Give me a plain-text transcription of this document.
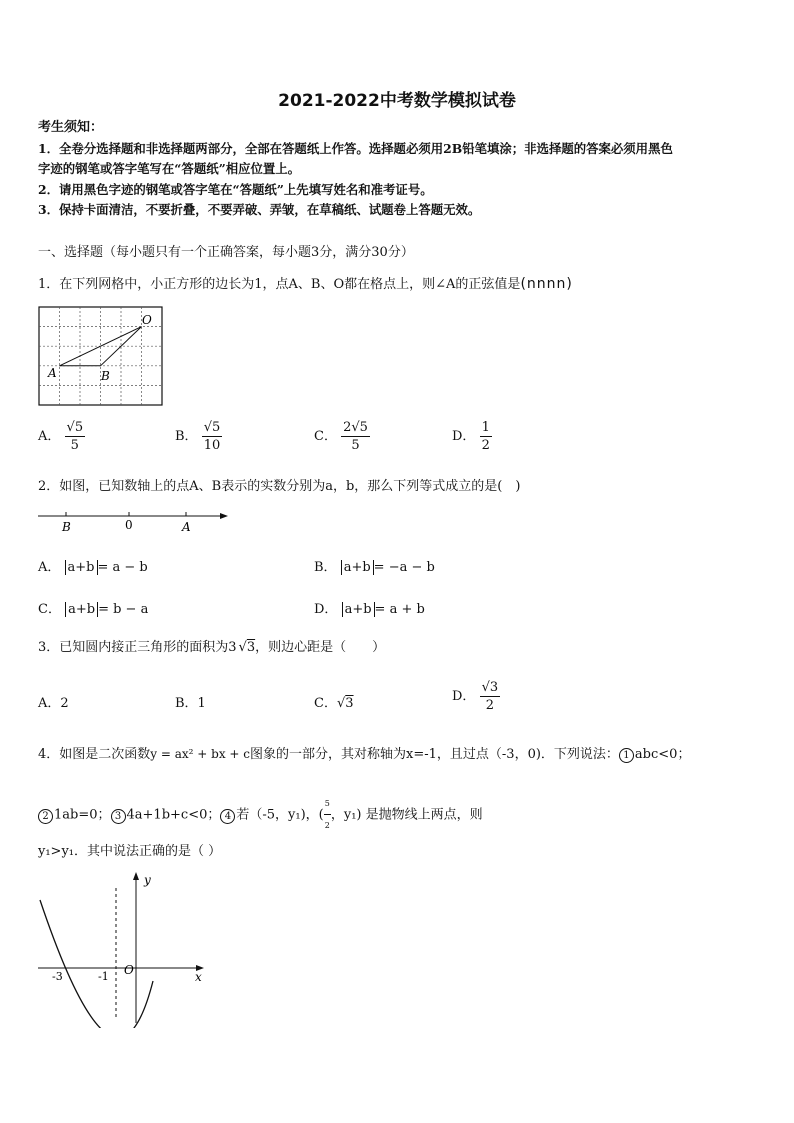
2021-2022中考数学模拟试卷
考生须知：
1．全卷分选择题和非选择题两部分，全部在答题纸上作答。选择题必须用2B铅笔填涂；非选择题的答案必须用黑色
字迹的钢笔或答字笔写在“答题纸”相应位置上。
2．请用黑色字迹的钢笔或答字笔在“答题纸”上先填写姓名和准考证号。
3．保持卡面清洁，不要折叠，不要弄破、弄皱，在草稿纸、试题卷上答题无效。
一、选择题（每小题只有一个正确答案，每小题3分，满分30分）
1．在下列网格中，小正方形的边长为1，点A、B、O都在格点上，则∠A的正弦值是(nnnn)
O
A	B
A． $\frac{√5}{5}$	B． $\frac{√5}{10}$	C． $\frac{2√5}{5}$	D． $\frac{1}{2}$
2．如图，已知数轴上的点A、B表示的实数分别为a，b，那么下列等式成立的是(　)
B	0	A
A． a+b = a − b	B． a+b = −a − b
C． a+b = b − a	D． a+b = a + b
3．已知圆内接正三角形的面积为3 √3，则边心距是（　　）
A．2	B．1	C．√3	D． $\frac{√3}{2}$
4．如图是二次函数y = ax² + bx + c图象的一部分，其对称轴为x=-1，且过点（-3，0)．下列说法： 1 abc<0；
2 1ab=0； 3 4a+1b+c<0； 4 若（-5，y₁)，( $\frac{5}{2}$ ，y₁) 是抛物线上两点，则
y₁>y₁．其中说法正确的是（ ）
y
x
O
-3	-1
